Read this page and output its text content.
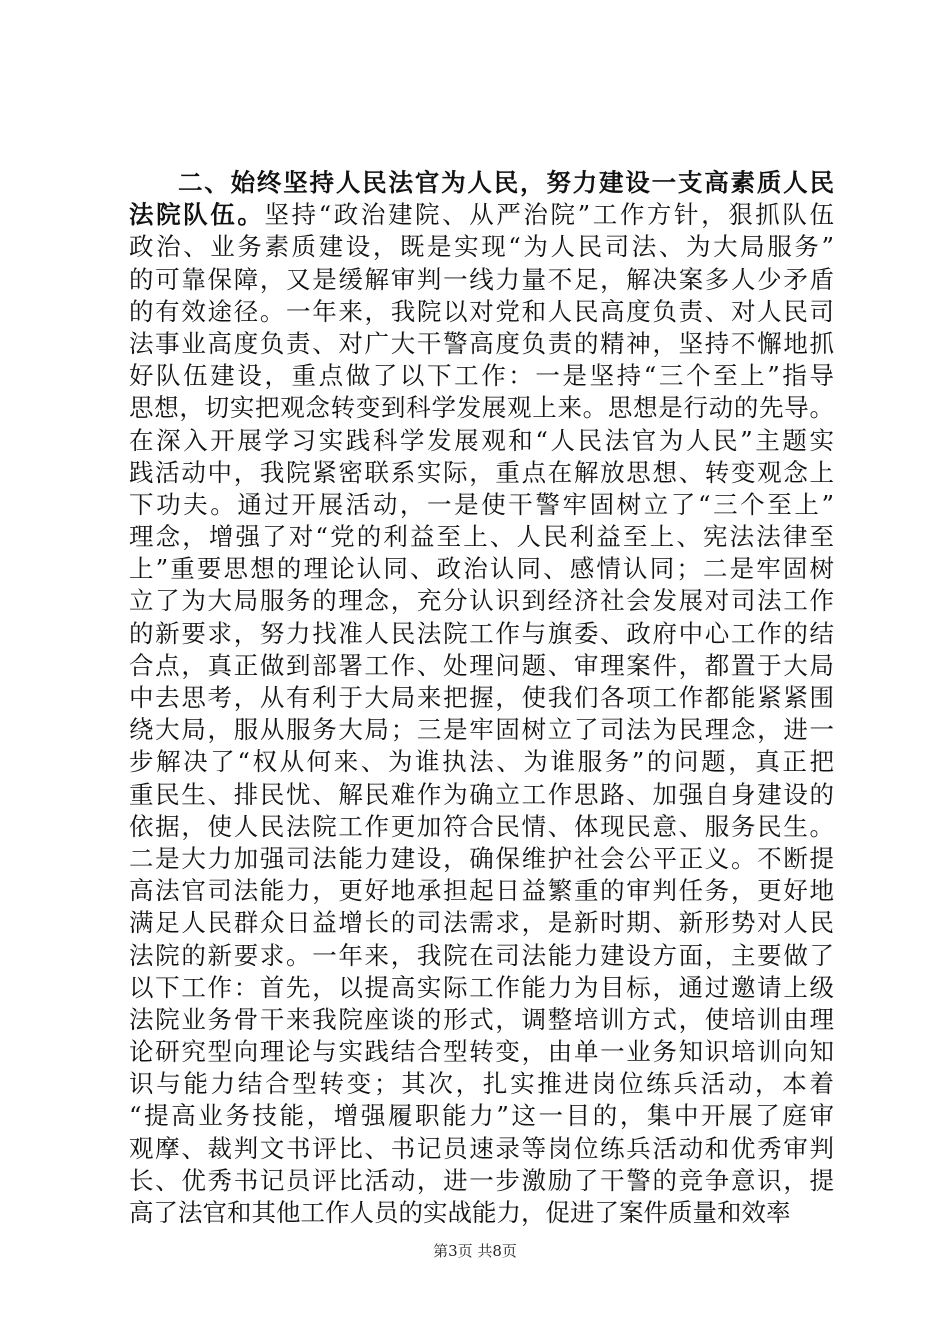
二、始终坚持人民法官为人民，努力建设一支高素质人民
法院队伍。坚持“政治建院、从严治院”工作方针，狠抓队伍
政治、业务素质建设，既是实现“为人民司法、为大局服务”
的可靠保障，又是缓解审判一线力量不足，解决案多人少矛盾
的有效途径。一年来，我院以对党和人民高度负责、对人民司
法事业高度负责、对广大干警高度负责的精神，坚持不懈地抓
好队伍建设，重点做了以下工作：一是坚持“三个至上”指导
思想，切实把观念转变到科学发展观上来。思想是行动的先导。
在深入开展学习实践科学发展观和“人民法官为人民”主题实
践活动中，我院紧密联系实际，重点在解放思想、转变观念上
下功夫。通过开展活动，一是使干警牢固树立了“三个至上”
理念，增强了对“党的利益至上、人民利益至上、宪法法律至
上”重要思想的理论认同、政治认同、感情认同；二是牢固树
立了为大局服务的理念，充分认识到经济社会发展对司法工作
的新要求，努力找准人民法院工作与旗委、政府中心工作的结
合点，真正做到部署工作、处理问题、审理案件，都置于大局
中去思考，从有利于大局来把握，使我们各项工作都能紧紧围
绕大局，服从服务大局；三是牢固树立了司法为民理念，进一
步解决了“权从何来、为谁执法、为谁服务”的问题，真正把
重民生、排民忧、解民难作为确立工作思路、加强自身建设的
依据，使人民法院工作更加符合民情、体现民意、服务民生。
二是大力加强司法能力建设，确保维护社会公平正义。不断提
高法官司法能力，更好地承担起日益繁重的审判任务，更好地
满足人民群众日益增长的司法需求，是新时期、新形势对人民
法院的新要求。一年来，我院在司法能力建设方面，主要做了
以下工作：首先，以提高实际工作能力为目标，通过邀请上级
法院业务骨干来我院座谈的形式，调整培训方式，使培训由理
论研究型向理论与实践结合型转变，由单一业务知识培训向知
识与能力结合型转变；其次，扎实推进岗位练兵活动，本着
“提高业务技能，增强履职能力”这一目的，集中开展了庭审
观摩、裁判文书评比、书记员速录等岗位练兵活动和优秀审判
长、优秀书记员评比活动，进一步激励了干警的竞争意识，提
高了法官和其他工作人员的实战能力，促进了案件质量和效率
第3页 共8页
